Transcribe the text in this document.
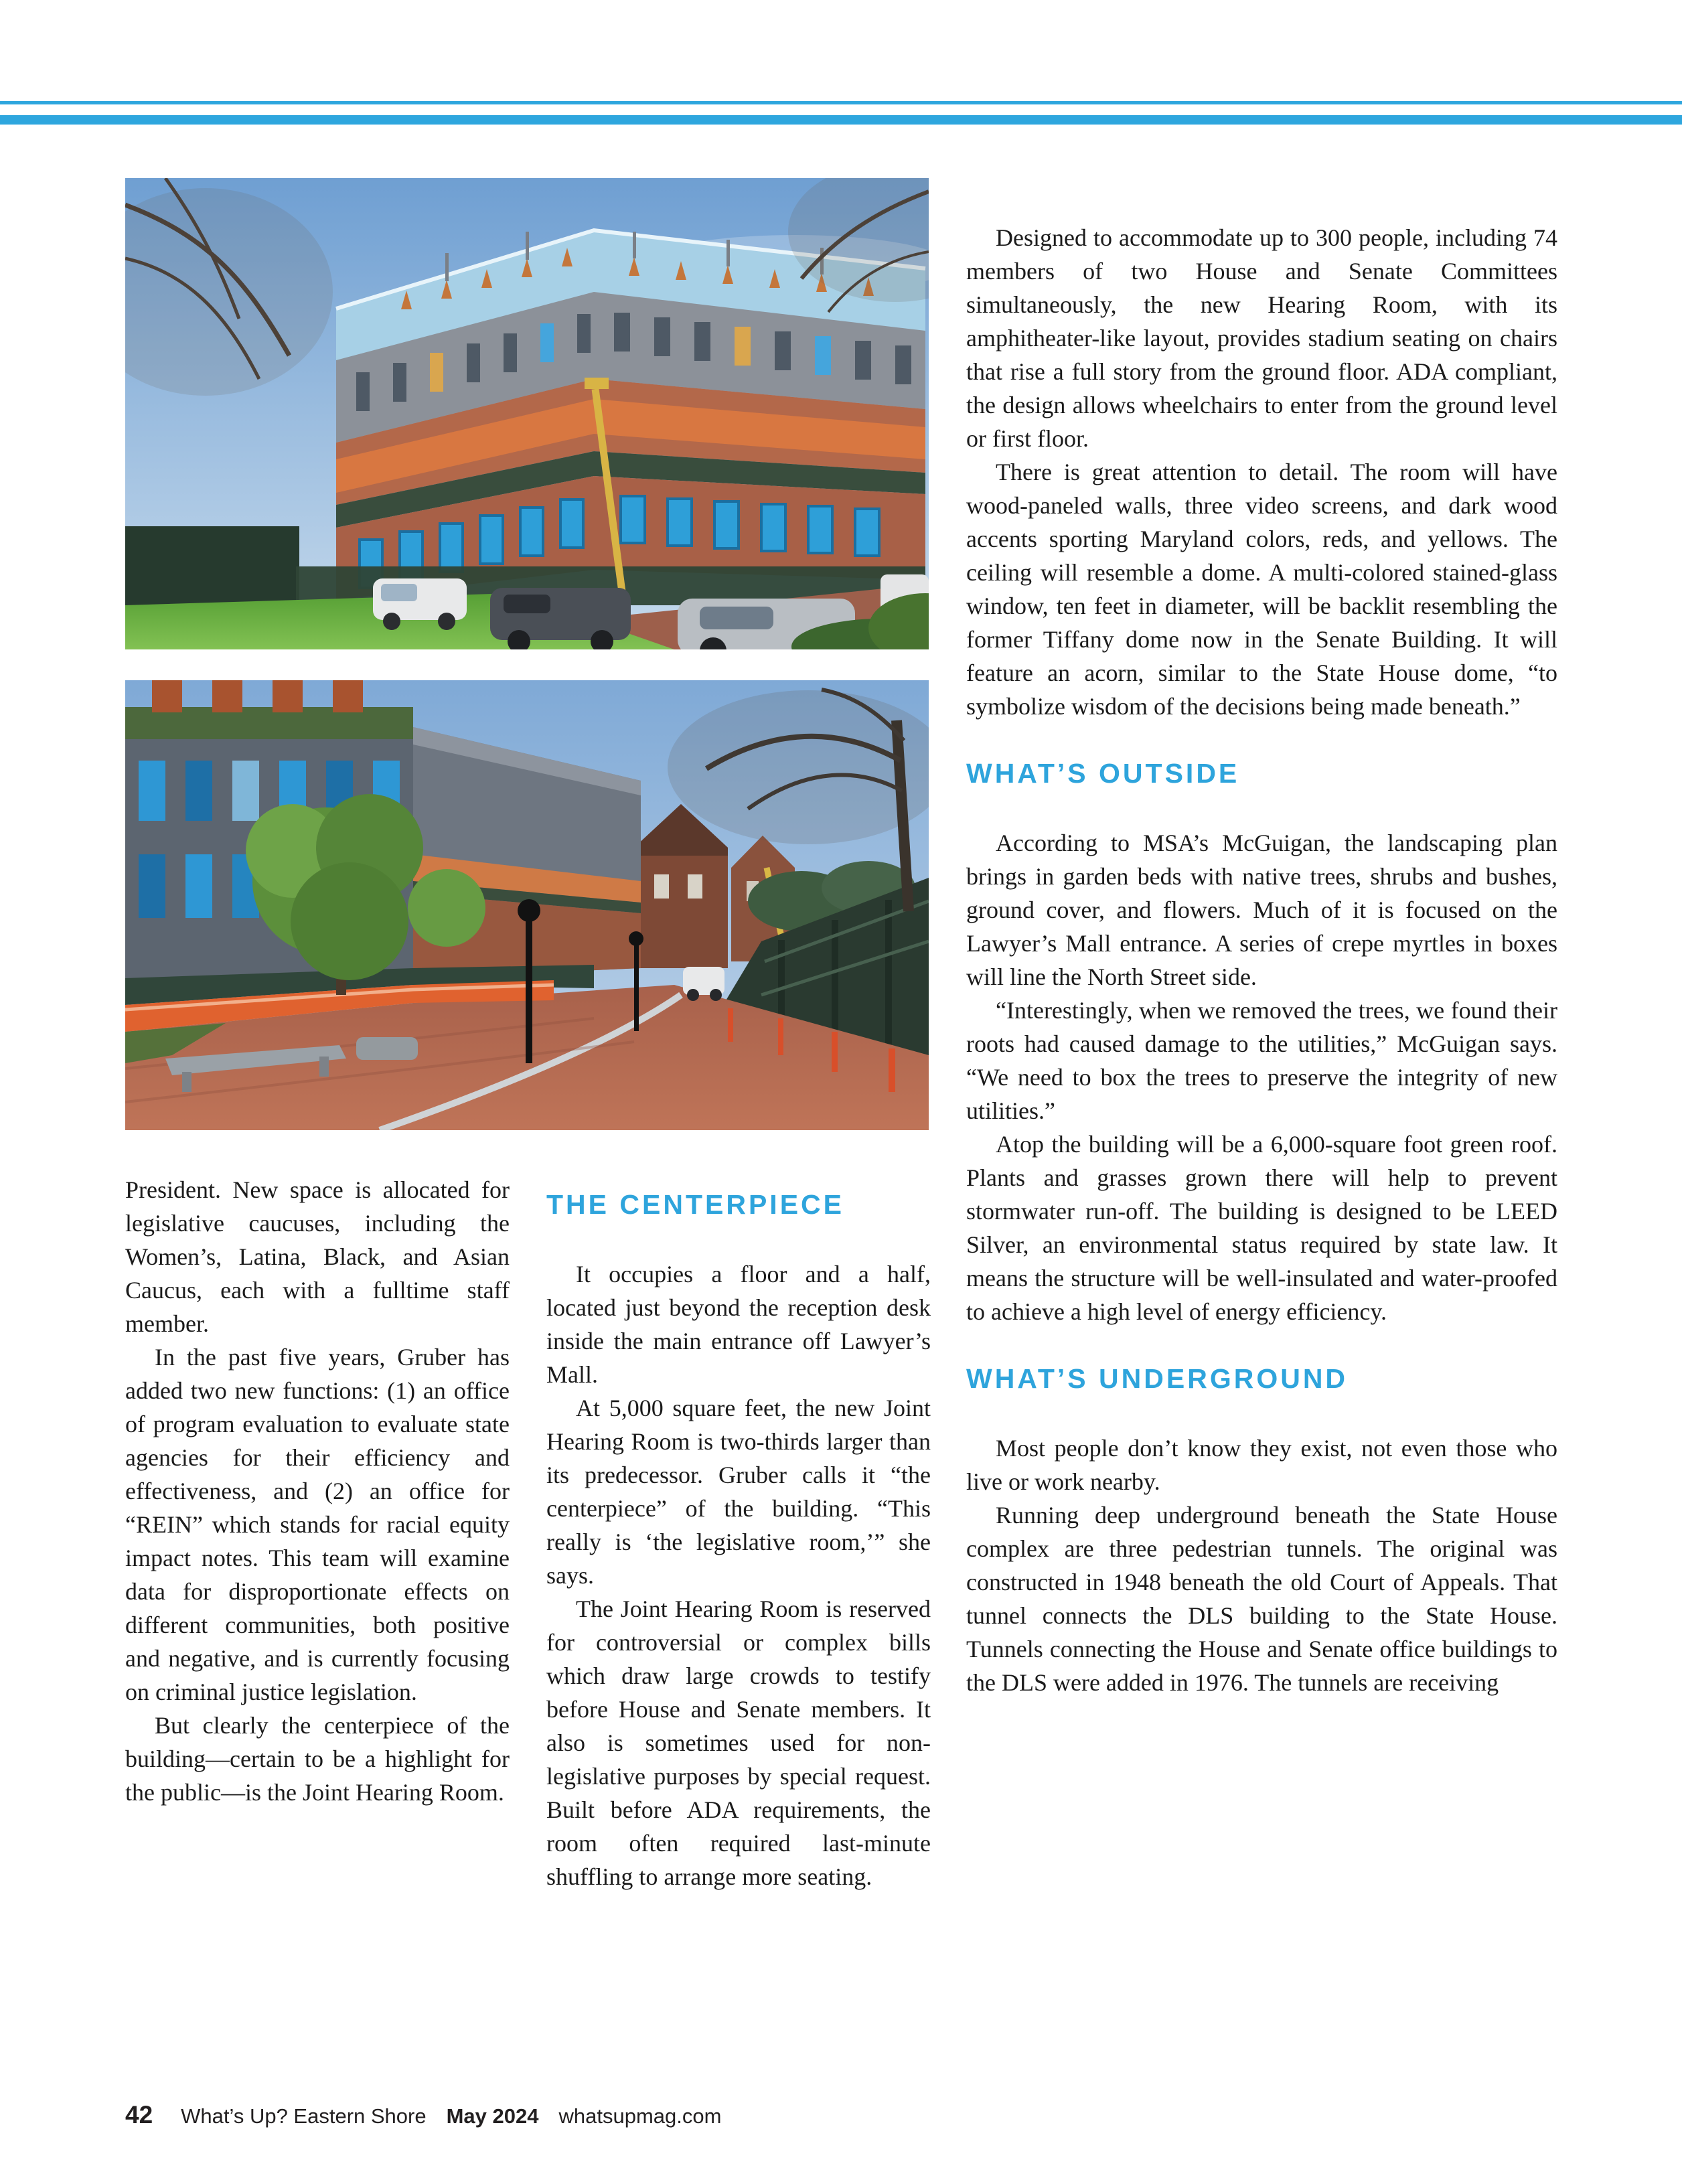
President. New space is allocated for legislative caucuses, including the Women’s, Latina, Black, and Asian Caucus, each with a fulltime staff member.

In the past five years, Gruber has added two new functions: (1) an office of program evaluation to evaluate state agencies for their efficiency and effectiveness, and (2) an office for “REIN” which stands for racial equity impact notes. This team will examine data for disproportionate effects on different communities, both positive and negative, and is currently focusing on criminal justice legislation.

But clearly the centerpiece of the building—certain to be a highlight for the public—is the Joint Hearing Room.

THE CENTERPIECE

It occupies a floor and a half, located just beyond the reception desk inside the main entrance off Lawyer’s Mall.

At 5,000 square feet, the new Joint Hearing Room is two-thirds larger than its predecessor. Gruber calls it “the centerpiece” of the building. “This really is ‘the legislative room,’” she says.

The Joint Hearing Room is reserved for controversial or complex bills which draw large crowds to testify before House and Senate members. It also is sometimes used for non-legislative purposes by special request. Built before ADA requirements, the room often required last-minute shuffling to arrange more seating.

Designed to accommodate up to 300 people, including 74 members of two House and Senate Committees simultaneously, the new Hearing Room, with its amphitheater-like layout, provides stadium seating on chairs that rise a full story from the ground floor. ADA compliant, the design allows wheelchairs to enter from the ground level or first floor.

There is great attention to detail. The room will have wood-paneled walls, three video screens, and dark wood accents sporting Maryland colors, reds, and yellows. The ceiling will resemble a dome. A multi-colored stained-glass window, ten feet in diameter, will be backlit resembling the former Tiffany dome now in the Senate Building. It will feature an acorn, similar to the State House dome, “to symbolize wisdom of the decisions being made beneath.”

WHAT’S OUTSIDE

According to MSA’s McGuigan, the landscaping plan brings in garden beds with native trees, shrubs and bushes, ground cover, and flowers. Much of it is focused on the Lawyer’s Mall entrance. A series of crepe myrtles in boxes will line the North Street side.

“Interestingly, when we removed the trees, we found their roots had caused damage to the utilities,” McGuigan says. “We need to box the trees to preserve the integrity of new utilities.”

Atop the building will be a 6,000-square foot green roof. Plants and grasses grown there will help to prevent stormwater run-off. The building is designed to be LEED Silver, an environmental status required by state law. It means the structure will be well-insulated and water-proofed to achieve a high level of energy efficiency.

WHAT’S UNDERGROUND

Most people don’t know they exist, not even those who live or work nearby.

Running deep underground beneath the State House complex are three pedestrian tunnels. The original was constructed in 1948 beneath the old Court of Appeals. That tunnel connects the DLS building to the State House. Tunnels connecting the House and Senate office buildings to the DLS were added in 1976. The tunnels are receiving

42 What’s Up? Eastern Shore May 2024 whatsupmag.com
